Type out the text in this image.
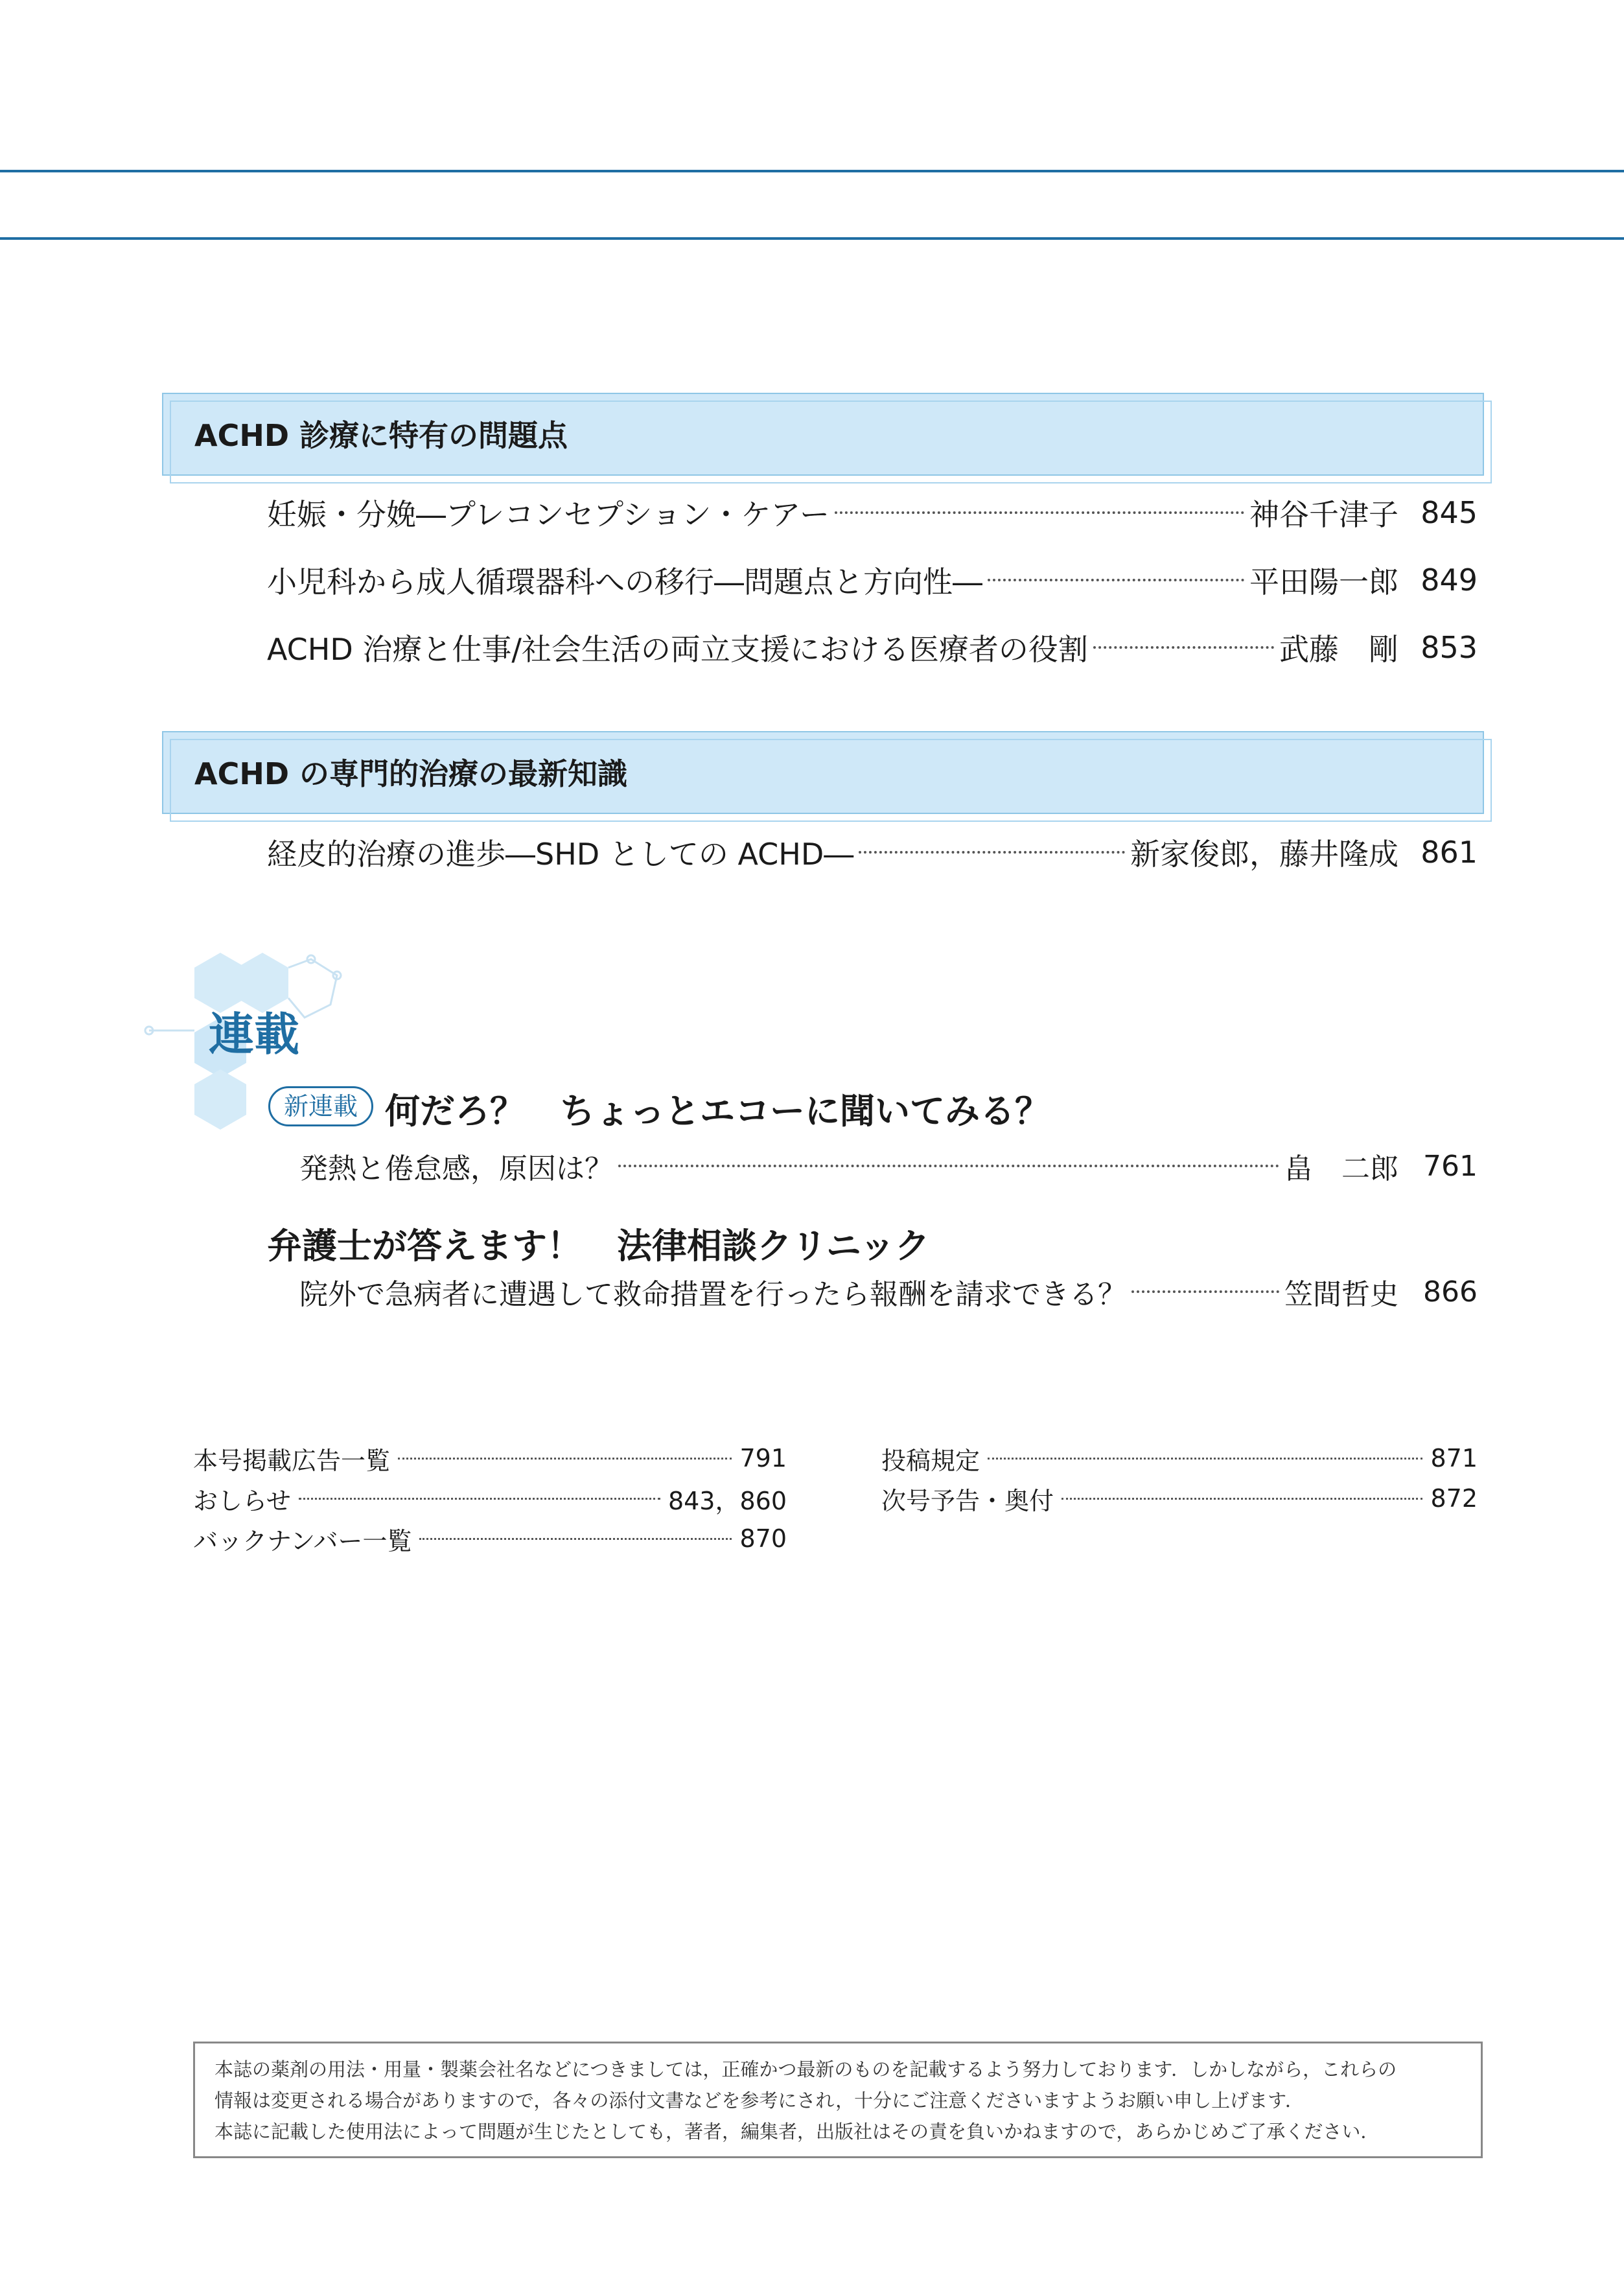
ACHD 診療に特有の問題点
妊娠・分娩―プレコンセプション・ケアー	神谷千津子 845
小児科から成人循環器科への移行―問題点と方向性―	平田陽一郎 849
ACHD 治療と仕事/社会生活の両立支援における医療者の役割	武藤　剛 853
ACHD の専門的治療の最新知識
経皮的治療の進歩―SHD としての ACHD―	新家俊郎，藤井隆成 861
連載
新連載 何だろ？　ちょっとエコーに聞いてみる？
発熱と倦怠感，原因は？	畠　二郎 761
弁護士が答えます！　法律相談クリニック
院外で急病者に遭遇して救命措置を行ったら報酬を請求できる？	笠間哲史 866
本号掲載広告一覧	791
おしらせ	843，860
バックナンバー一覧	870
投稿規定	871
次号予告・奥付	872
本誌の薬剤の用法・用量・製薬会社名などにつきましては，正確かつ最新のものを記載するよう努力しております．しかしながら，これらの
情報は変更される場合がありますので，各々の添付文書などを参考にされ，十分にご注意くださいますようお願い申し上げます．
本誌に記載した使用法によって問題が生じたとしても，著者，編集者，出版社はその責を負いかねますので，あらかじめご了承ください．
